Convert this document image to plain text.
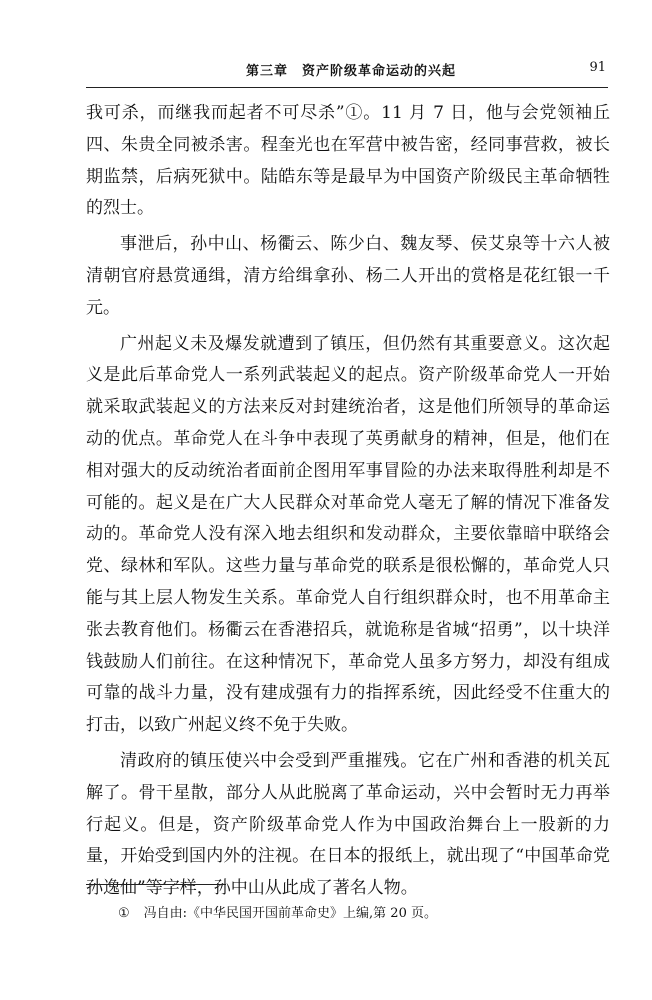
第三章　资产阶级革命运动的兴起	91

我可杀，而继我而起者不可尽杀”①。11 月 7 日，他与会党领袖丘四、朱贵全同被杀害。程奎光也在军营中被告密，经同事营救，被长期监禁，后病死狱中。陆皓东等是最早为中国资产阶级民主革命牺牲的烈士。

事泄后，孙中山、杨衢云、陈少白、魏友琴、侯艾泉等十六人被清朝官府悬赏通缉，清方给缉拿孙、杨二人开出的赏格是花红银一千元。

广州起义未及爆发就遭到了镇压，但仍然有其重要意义。这次起义是此后革命党人一系列武装起义的起点。资产阶级革命党人一开始就采取武装起义的方法来反对封建统治者，这是他们所领导的革命运动的优点。革命党人在斗争中表现了英勇献身的精神，但是，他们在相对强大的反动统治者面前企图用军事冒险的办法来取得胜利却是不可能的。起义是在广大人民群众对革命党人毫无了解的情况下准备发动的。革命党人没有深入地去组织和发动群众，主要依靠暗中联络会党、绿林和军队。这些力量与革命党的联系是很松懈的，革命党人只能与其上层人物发生关系。革命党人自行组织群众时，也不用革命主张去教育他们。杨衢云在香港招兵，就诡称是省城“招勇”，以十块洋钱鼓励人们前往。在这种情况下，革命党人虽多方努力，却没有组成可靠的战斗力量，没有建成强有力的指挥系统，因此经受不住重大的打击，以致广州起义终不免于失败。

清政府的镇压使兴中会受到严重摧残。它在广州和香港的机关瓦解了。骨干星散，部分人从此脱离了革命运动，兴中会暂时无力再举行起义。但是，资产阶级革命党人作为中国政治舞台上一股新的力量，开始受到国内外的注视。在日本的报纸上，就出现了“中国革命党孙逸仙”等字样，孙中山从此成了著名人物。

① 冯自由:《中华民国开国前革命史》上编,第 20 页。
